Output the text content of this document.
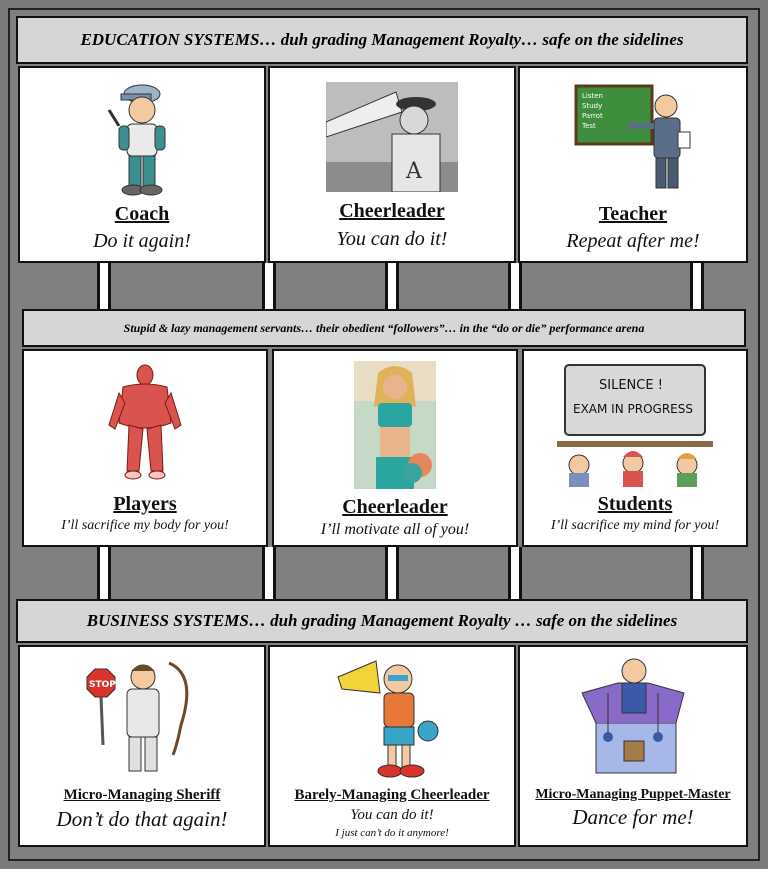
EDUCATION SYSTEMS… duh grading Management Royalty… safe on the sidelines
Coach
Do it again!
A
Cheerleader
You can do it!
Listen
Study
Parrot
Test
Teacher
Repeat after me!
Stupid & lazy management servants… their obedient “followers”… in the “do or die” performance arena
Players
I’ll sacrifice my body for you!
Cheerleader
I’ll motivate all of you!
SILENCE !
EXAM IN PROGRESS
Students
I’ll sacrifice my mind for you!
BUSINESS SYSTEMS… duh grading Management Royalty … safe on the sidelines
STOP
Micro-Managing Sheriff
Don’t do that again!
Barely-Managing Cheerleader
You can do it!
I just can’t do it anymore!
Micro-Managing Puppet-Master
Dance for me!
